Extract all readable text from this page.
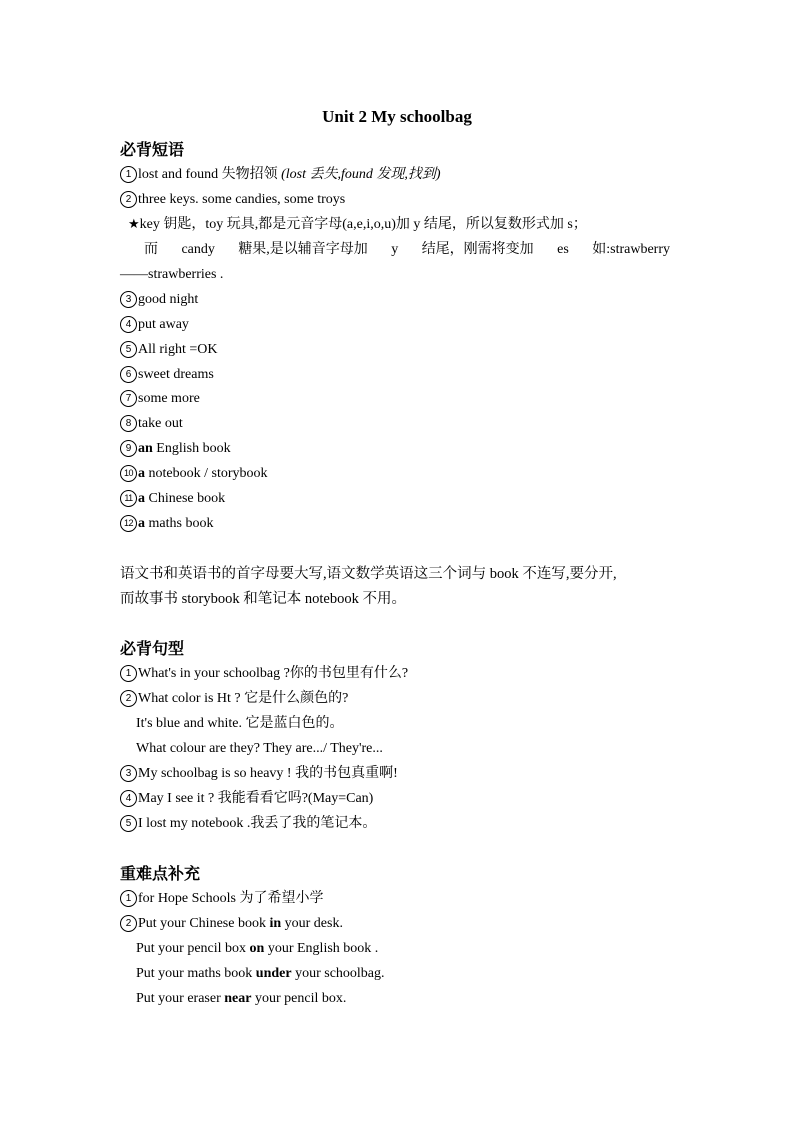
Unit 2 My schoolbag
必背短语
1 lost and found 失物招领 (lost 丢失,found 发现,找到)
2 three keys. some candies, some troys
★key 钥匙，toy 玩具,都是元音字母(a,e,i,o,u)加 y 结尾，所以复数形式加 s；
而 candy 糖果,是以辅音字母加 y 结尾，刚需将变加 es 如:strawberry
——strawberries .
3 good night
4 put away
5 All right =OK
6 sweet dreams
7 some more
8 take out
9 an English book
10 a notebook / storybook
11 a Chinese book
12 a maths book
语文书和英语书的首字母要大写,语文数学英语这三个词与 book 不连写,要分开,
而故事书 storybook 和笔记本 notebook 不用。
必背句型
1 What's in your schoolbag ?你的书包里有什么?
2 What color is Ht ? 它是什么颜色的?
It's blue and white. 它是蓝白色的。
What colour are they? They are.../ They're...
3 My schoolbag is so heavy ! 我的书包真重啊!
4 May I see it ? 我能看看它吗?(May=Can)
5 I lost my notebook .我丢了我的笔记本。
重难点补充
1 for Hope Schools 为了希望小学
2 Put your Chinese book in your desk.
Put your pencil box on your English book .
Put your maths book under your schoolbag.
Put your eraser near your pencil box.
